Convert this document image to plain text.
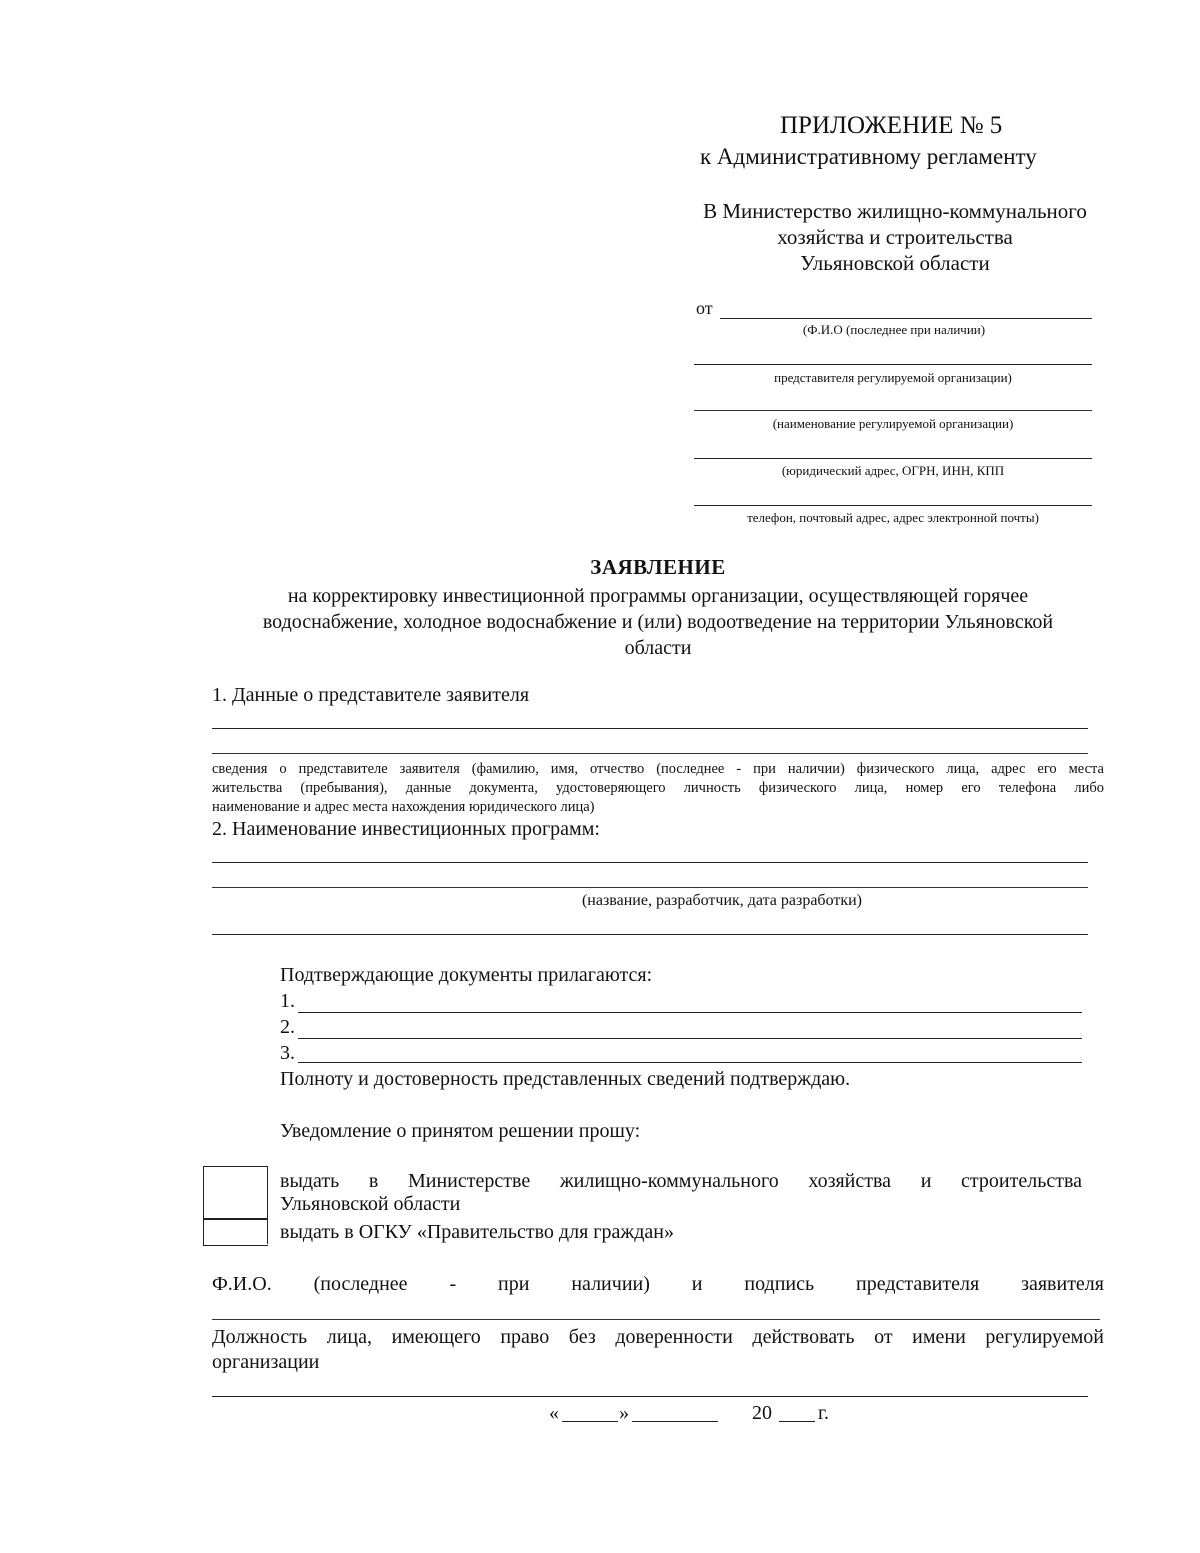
ПРИЛОЖЕНИЕ № 5
к Административному регламенту
В Министерство жилищно-коммунального
хозяйства и строительства
Ульяновской области
от
(Ф.И.О (последнее при наличии)
представителя регулируемой организации)
(наименование регулируемой организации)
(юридический адрес, ОГРН, ИНН, КПП
телефон, почтовый адрес, адрес электронной почты)
ЗАЯВЛЕНИЕ
на корректировку инвестиционной программы организации, осуществляющей горячее
водоснабжение, холодное водоснабжение и (или) водоотведение на территории Ульяновской
области
1. Данные о представителе заявителя
сведения о представителе заявителя (фамилию, имя, отчество (последнее - при наличии) физического лица, адрес его места
жительства (пребывания), данные документа, удостоверяющего личность физического лица, номер его телефона либо
наименование и адрес места нахождения юридического лица)
2. Наименование инвестиционных программ:
(название, разработчик, дата разработки)
Подтверждающие документы прилагаются:
1.
2.
3.
Полноту и достоверность представленных сведений подтверждаю.
Уведомление о принятом решении прошу:
выдать в Министерстве жилищно-коммунального хозяйства и строительства
Ульяновской области
выдать в ОГКУ «Правительство для граждан»
Ф.И.О. (последнее - при наличии) и подпись представителя заявителя
Должность лица, имеющего право без доверенности действовать от имени регулируемой
организации
«	»	20 г.
